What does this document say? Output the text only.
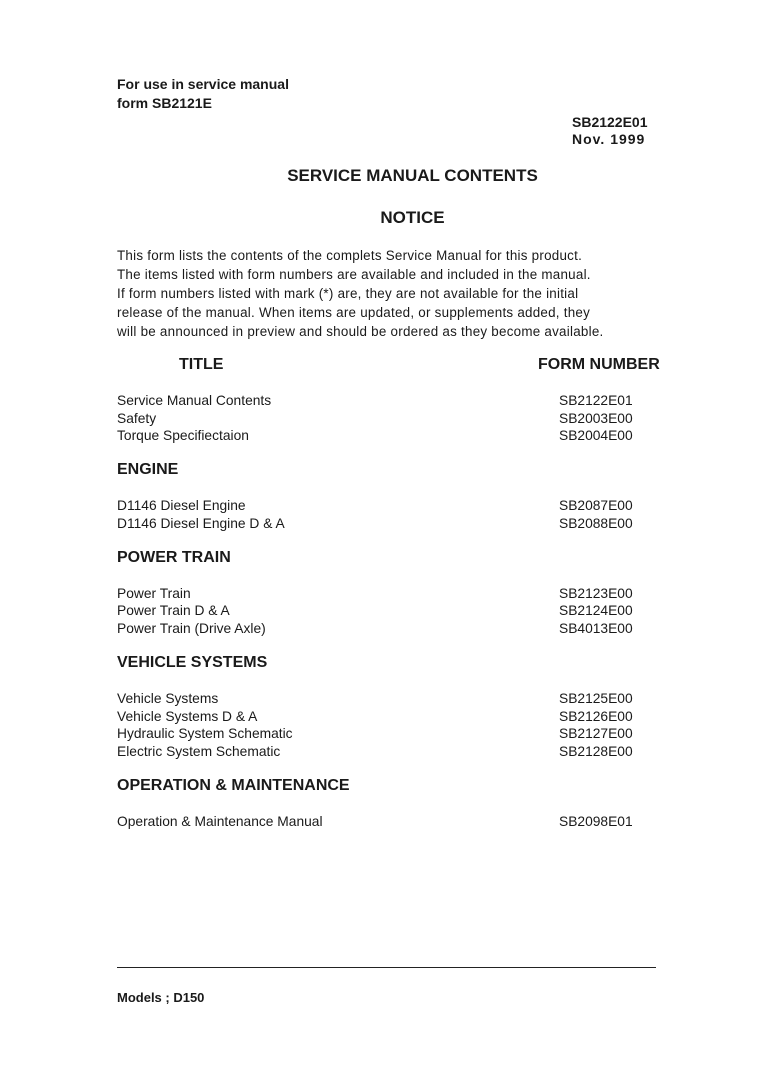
For use in service manual
form SB2121E
SB2122E01
Nov. 1999
SERVICE MANUAL CONTENTS
NOTICE
This form lists the contents of the complets Service Manual for this product.
The items listed with form numbers are available and included in the manual.
If form numbers listed with mark (*) are, they are not available for the initial
release of the manual. When items are updated, or supplements added, they
will be announced in preview and should be ordered as they become available.
TITLE	FORM NUMBER
Service Manual Contents	SB2122E01
Safety	SB2003E00
Torque Specifiectaion	SB2004E00
ENGINE
D1146 Diesel Engine	SB2087E00
D1146 Diesel Engine D & A	SB2088E00
POWER TRAIN
Power Train	SB2123E00
Power Train D & A	SB2124E00
Power Train (Drive Axle)	SB4013E00
VEHICLE SYSTEMS
Vehicle Systems	SB2125E00
Vehicle Systems D & A	SB2126E00
Hydraulic System Schematic	SB2127E00
Electric System Schematic	SB2128E00
OPERATION & MAINTENANCE
Operation & Maintenance Manual	SB2098E01
Models ; D150
